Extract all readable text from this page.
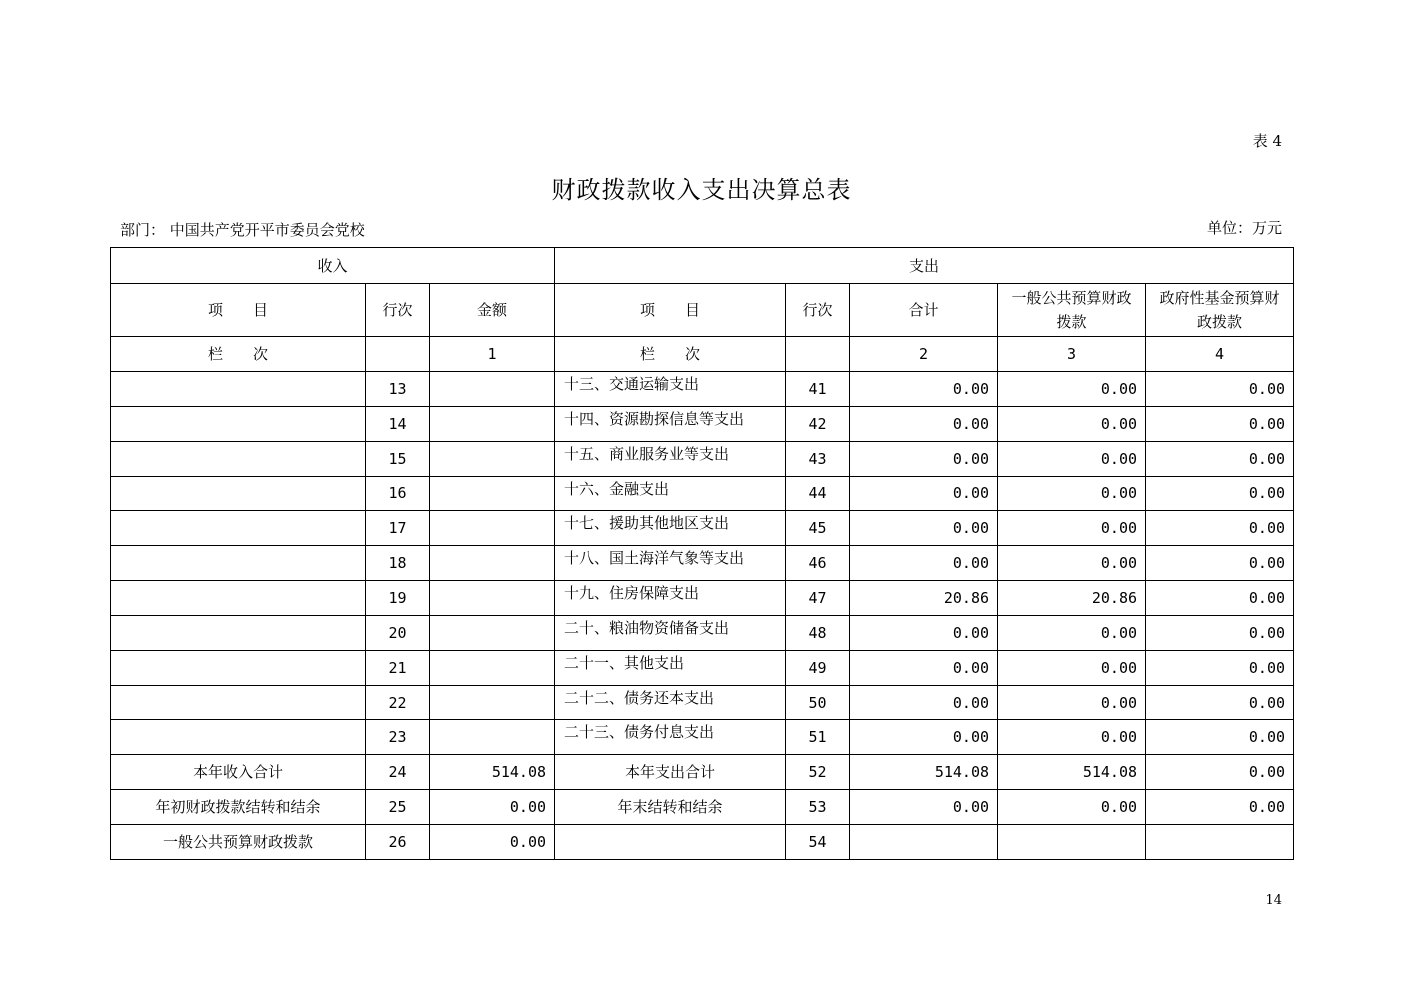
表 4
财政拨款收入支出决算总表
部门： 中国共产党开平市委员会党校	单位：万元
收入			支出				
项　　目	行次	金额	项　　目	行次	合计	一般公共预算财政拨款	政府性基金预算财政拨款
栏　　次		1	栏　　次		2	3	4
	13		十三、交通运输支出	41	0.00	0.00	0.00
	14		十四、资源勘探信息等支出	42	0.00	0.00	0.00
	15		十五、商业服务业等支出	43	0.00	0.00	0.00
	16		十六、金融支出	44	0.00	0.00	0.00
	17		十七、援助其他地区支出	45	0.00	0.00	0.00
	18		十八、国土海洋气象等支出	46	0.00	0.00	0.00
	19		十九、住房保障支出	47	20.86	20.86	0.00
	20		二十、粮油物资储备支出	48	0.00	0.00	0.00
	21		二十一、其他支出	49	0.00	0.00	0.00
	22		二十二、债务还本支出	50	0.00	0.00	0.00
	23		二十三、债务付息支出	51	0.00	0.00	0.00
本年收入合计	24	514.08	本年支出合计	52	514.08	514.08	0.00
年初财政拨款结转和结余	25	0.00	年末结转和结余	53	0.00	0.00	0.00
一般公共预算财政拨款	26	0.00		54			
14
